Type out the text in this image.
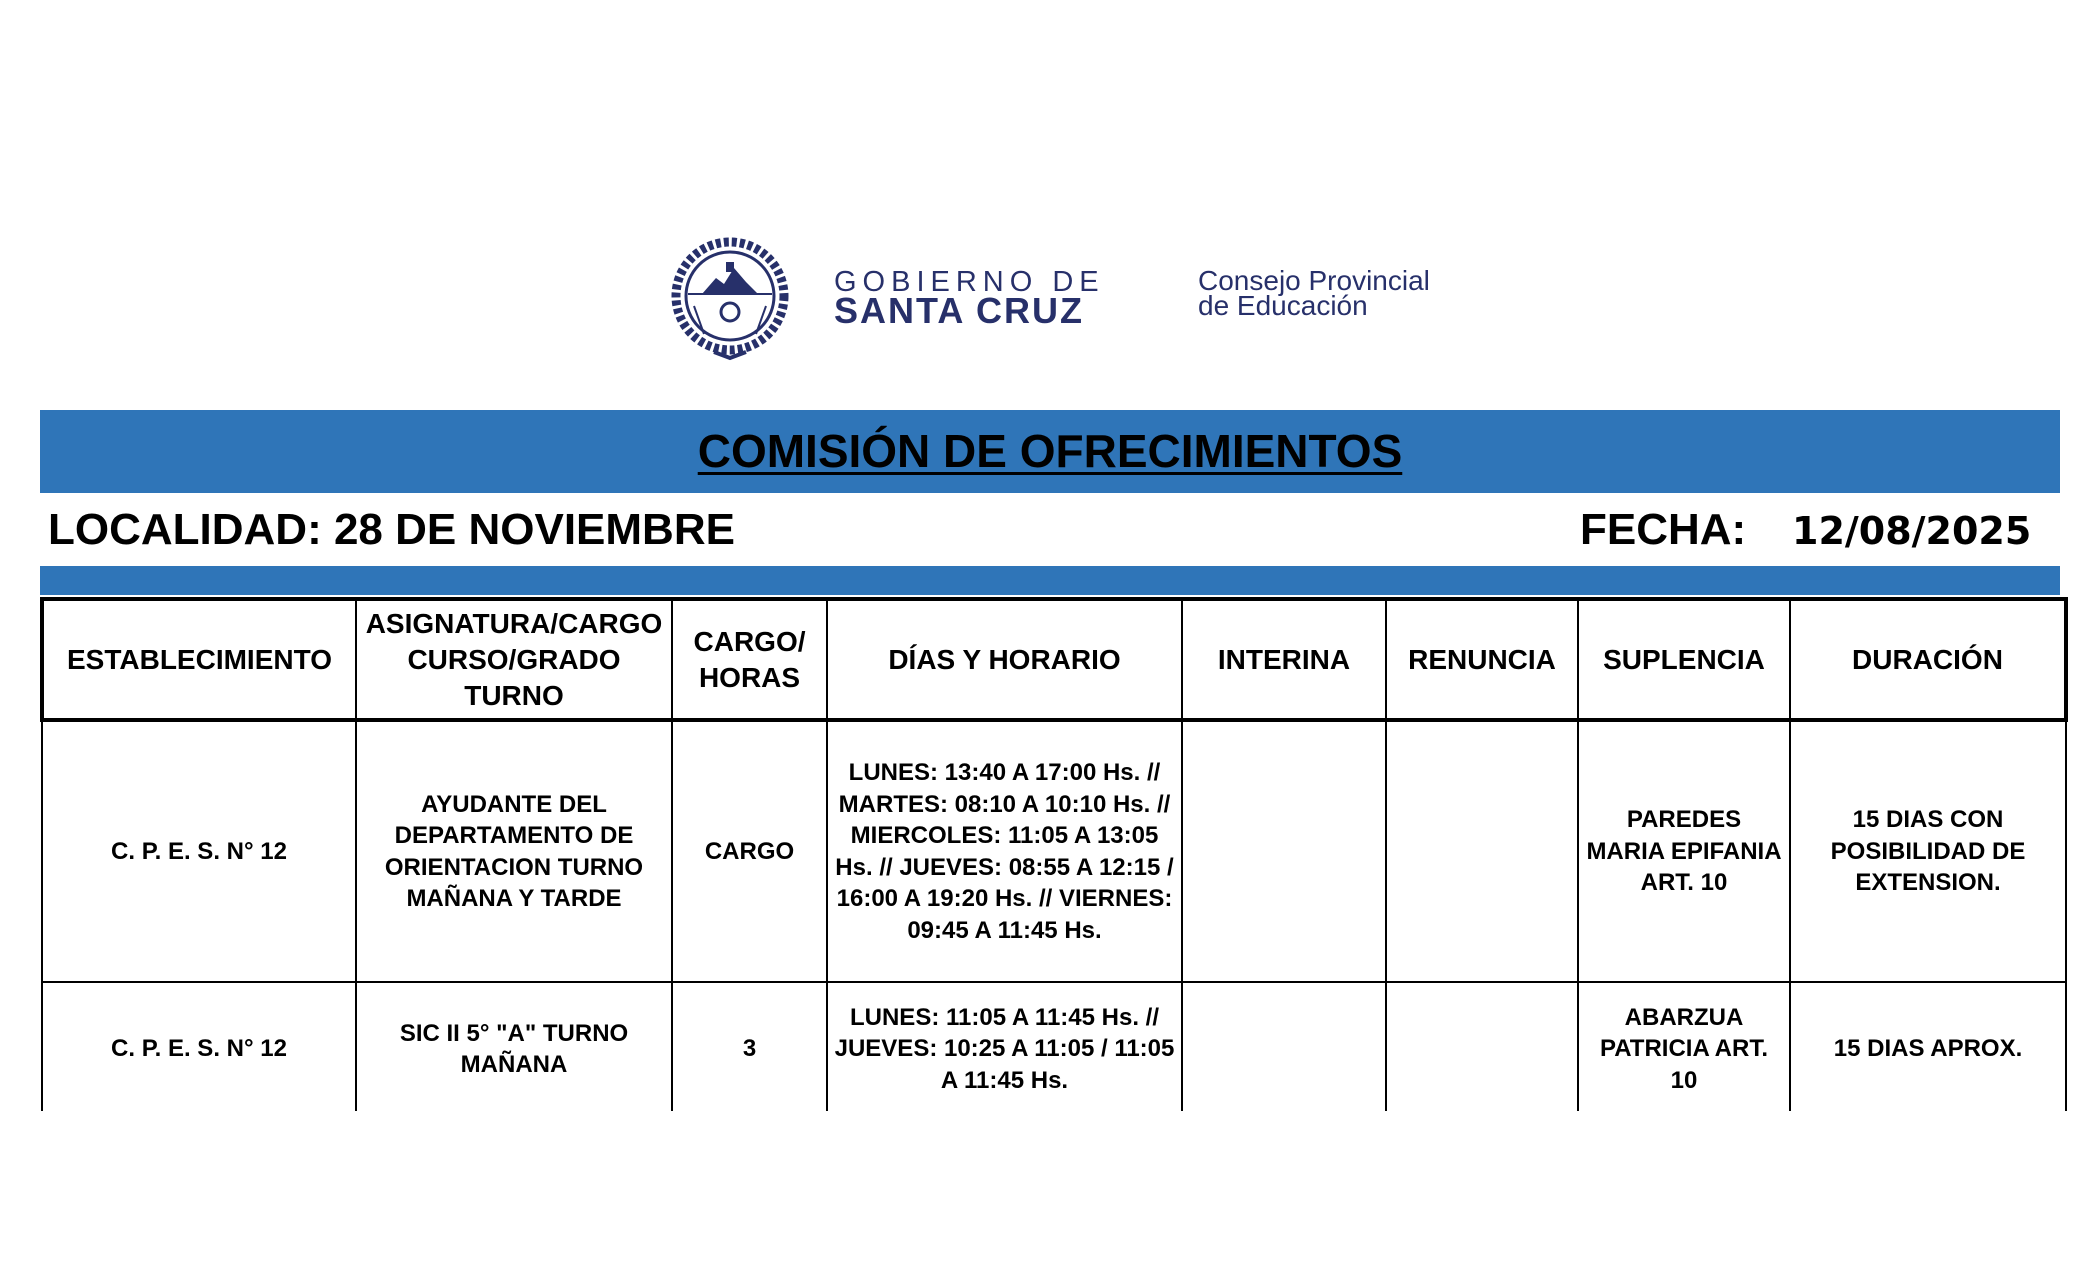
GOBIERNO DE
SANTA CRUZ
Consejo Provincial
de Educación
COMISIÓN DE OFRECIMIENTOS
LOCALIDAD: 28 DE NOVIEMBRE	FECHA: 12/08/2025
ESTABLECIMIENTO	ASIGNATURA/CARGO CURSO/GRADO TURNO	CARGO/ HORAS	DÍAS Y HORARIO	INTERINA	RENUNCIA	SUPLENCIA	DURACIÓN
C. P. E. S. N° 12	AYUDANTE DEL DEPARTAMENTO DE ORIENTACION TURNO MAÑANA Y TARDE	CARGO	LUNES: 13:40 A 17:00 Hs. // MARTES: 08:10 A 10:10 Hs. // MIERCOLES: 11:05 A 13:05 Hs. // JUEVES: 08:55 A 12:15 / 16:00 A 19:20 Hs. // VIERNES: 09:45 A 11:45 Hs.			PAREDES MARIA EPIFANIA ART. 10	15 DIAS CON POSIBILIDAD DE EXTENSION.
C. P. E. S. N° 12	SIC II 5° "A" TURNO MAÑANA	3	LUNES: 11:05 A 11:45 Hs. // JUEVES: 10:25 A 11:05 / 11:05 A 11:45 Hs.			ABARZUA PATRICIA ART. 10	15 DIAS APROX.
